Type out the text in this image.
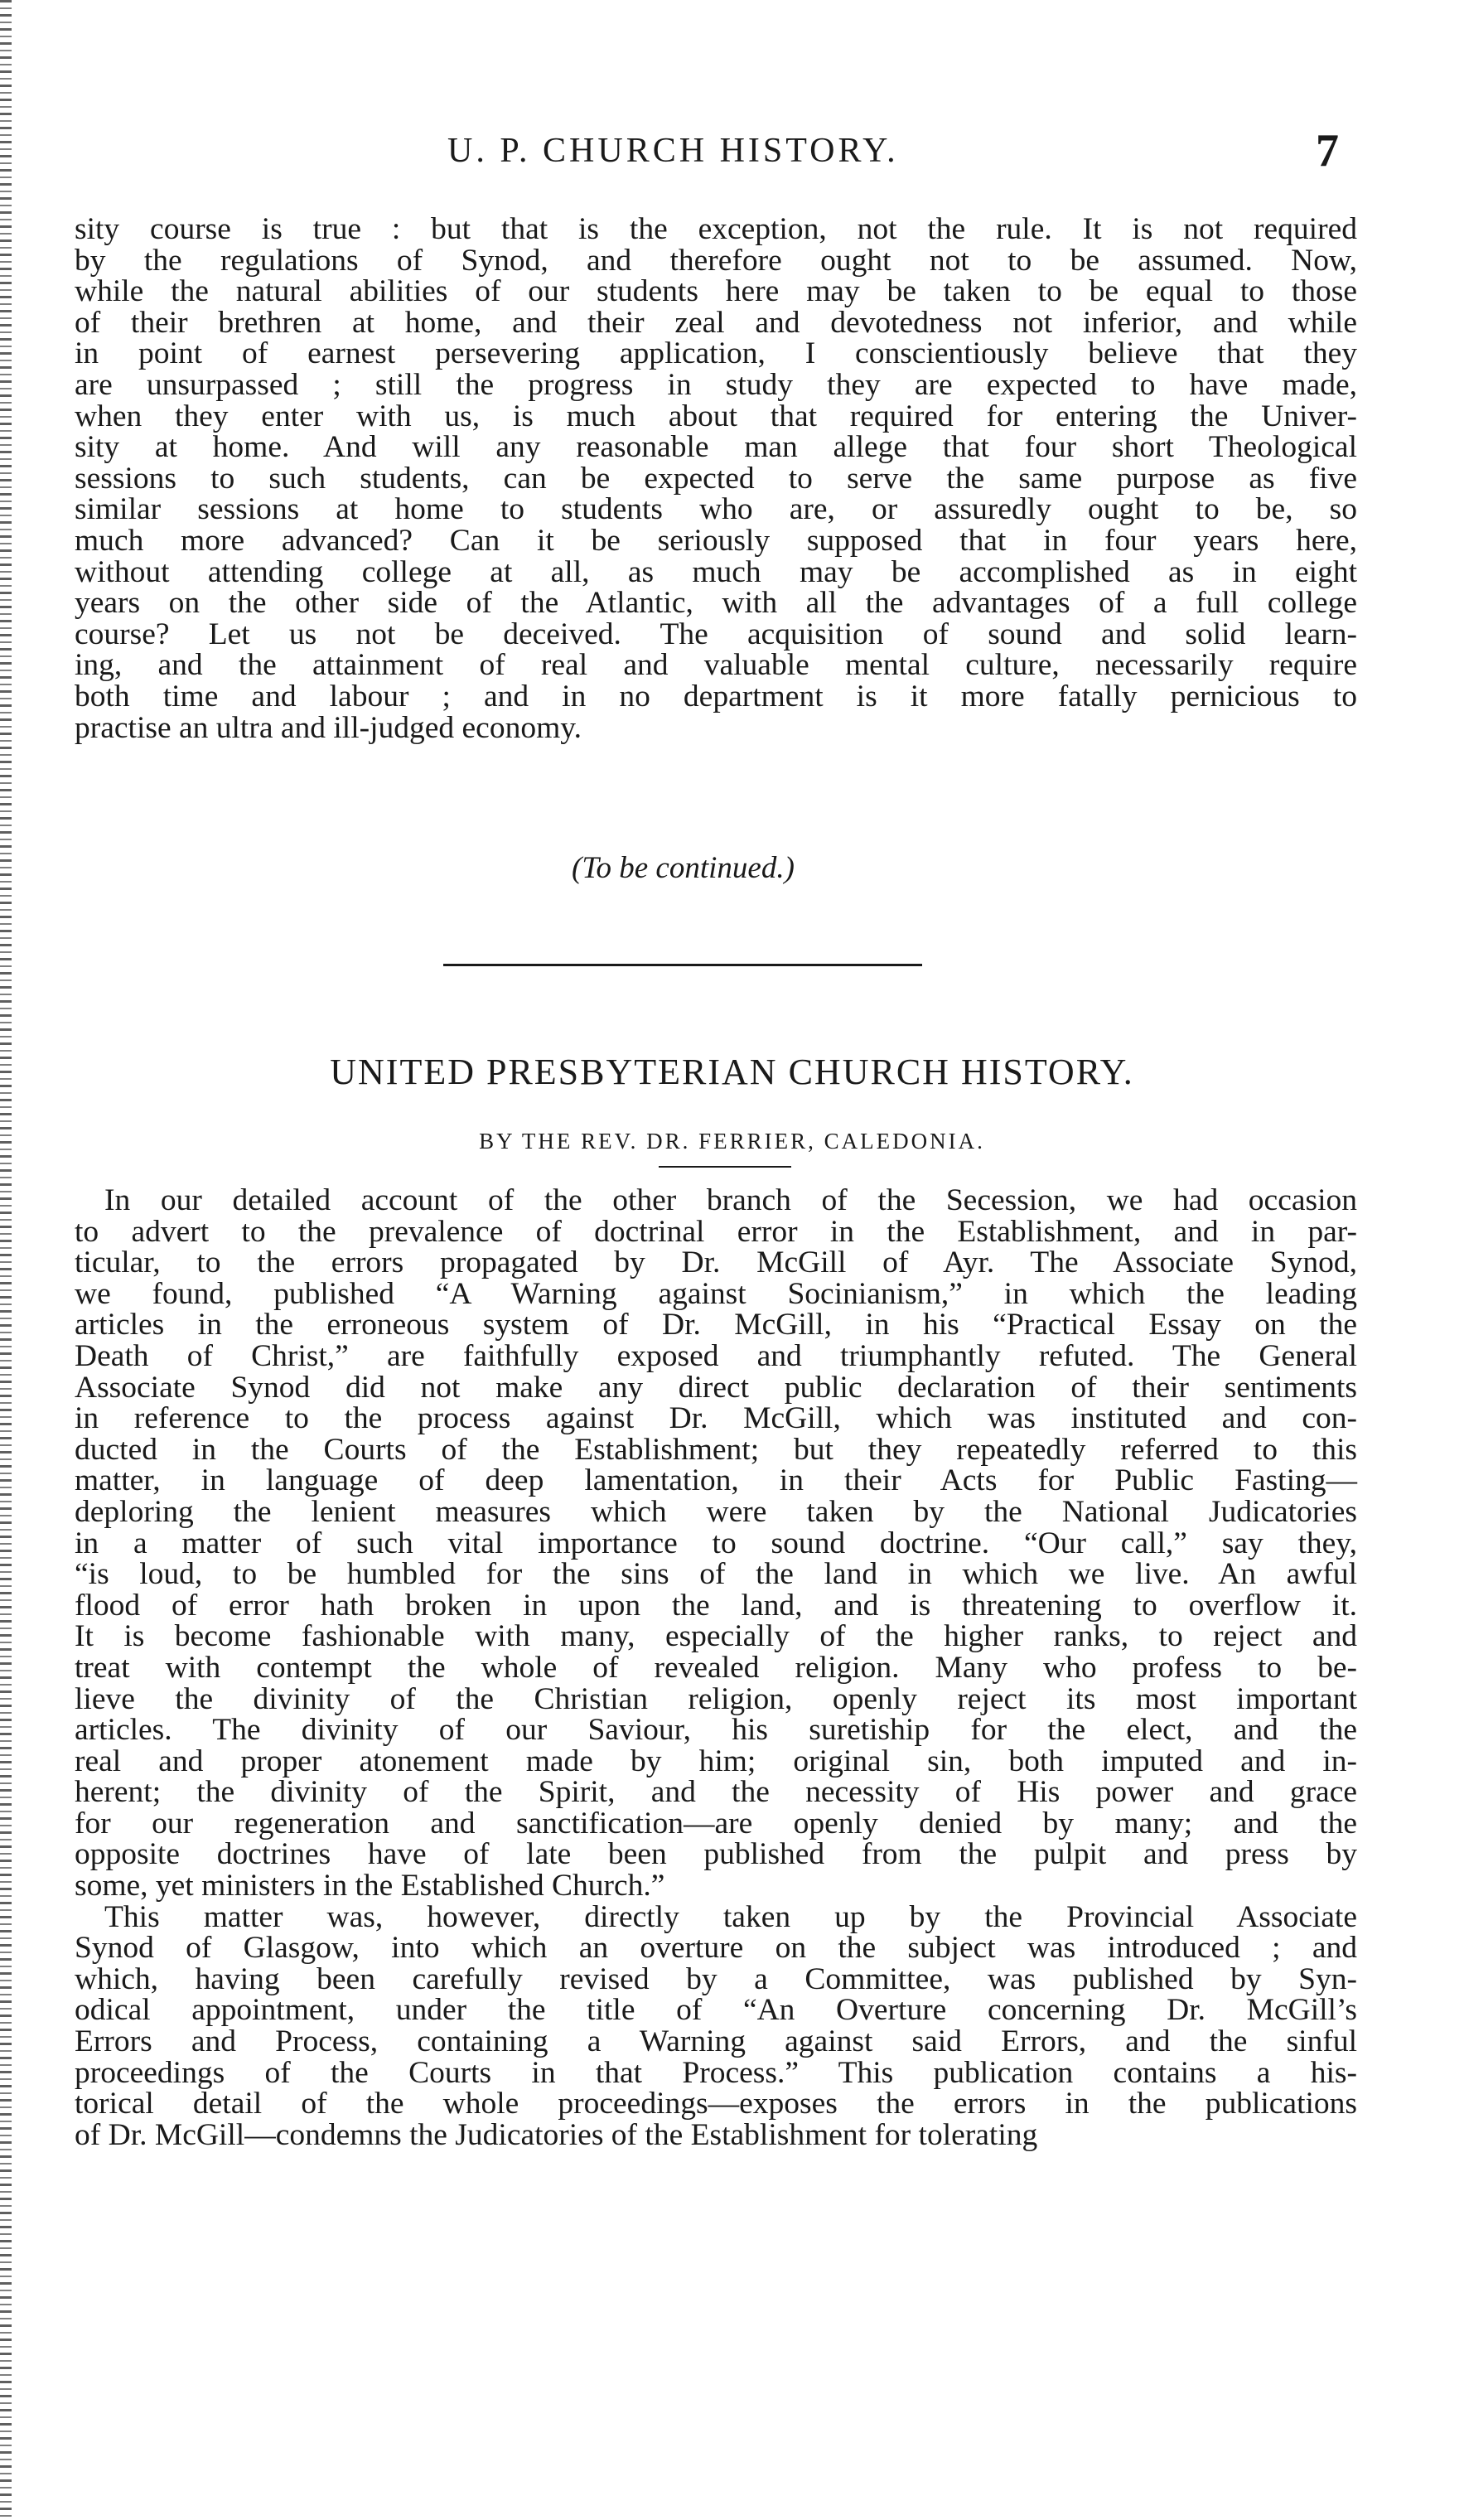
U. P. CHURCH HISTORY.	7
sity course is true : but that is the exception, not the rule. It is not required
by the regulations of Synod, and therefore ought not to be assumed. Now,
while the natural abilities of our students here may be taken to be equal to those
of their brethren at home, and their zeal and devotedness not inferior, and while
in point of earnest persevering application, I conscientiously believe that they
are unsurpassed ; still the progress in study they are expected to have made,
when they enter with us, is much about that required for entering the Univer-
sity at home. And will any reasonable man allege that four short Theological
sessions to such students, can be expected to serve the same purpose as five
similar sessions at home to students who are, or assuredly ought to be, so
much more advanced? Can it be seriously supposed that in four years here,
without attending college at all, as much may be accomplished as in eight
years on the other side of the Atlantic, with all the advantages of a full college
course? Let us not be deceived. The acquisition of sound and solid learn-
ing, and the attainment of real and valuable mental culture, necessarily require
both time and labour ; and in no department is it more fatally pernicious to
practise an ultra and ill-judged economy.
(To be continued.)
UNITED PRESBYTERIAN CHURCH HISTORY.
BY THE REV. DR. FERRIER, CALEDONIA.
In our detailed account of the other branch of the Secession, we had occasion
to advert to the prevalence of doctrinal error in the Establishment, and in par-
ticular, to the errors propagated by Dr. McGill of Ayr. The Associate Synod,
we found, published “A Warning against Socinianism,” in which the leading
articles in the erroneous system of Dr. McGill, in his “Practical Essay on the
Death of Christ,” are faithfully exposed and triumphantly refuted. The General
Associate Synod did not make any direct public declaration of their sentiments
in reference to the process against Dr. McGill, which was instituted and con-
ducted in the Courts of the Establishment; but they repeatedly referred to this
matter, in language of deep lamentation, in their Acts for Public Fasting—
deploring the lenient measures which were taken by the National Judicatories
in a matter of such vital importance to sound doctrine. “Our call,” say they,
“is loud, to be humbled for the sins of the land in which we live. An awful
flood of error hath broken in upon the land, and is threatening to overflow it.
It is become fashionable with many, especially of the higher ranks, to reject and
treat with contempt the whole of revealed religion. Many who profess to be-
lieve the divinity of the Christian religion, openly reject its most important
articles. The divinity of our Saviour, his suretiship for the elect, and the
real and proper atonement made by him; original sin, both imputed and in-
herent; the divinity of the Spirit, and the necessity of His power and grace
for our regeneration and sanctification—are openly denied by many; and the
opposite doctrines have of late been published from the pulpit and press by
some, yet ministers in the Established Church.”
This matter was, however, directly taken up by the Provincial Associate
Synod of Glasgow, into which an overture on the subject was introduced ; and
which, having been carefully revised by a Committee, was published by Syn-
odical appointment, under the title of “An Overture concerning Dr. McGill’s
Errors and Process, containing a Warning against said Errors, and the sinful
proceedings of the Courts in that Process.” This publication contains a his-
torical detail of the whole proceedings—exposes the errors in the publications
of Dr. McGill—condemns the Judicatories of the Establishment for tolerating
